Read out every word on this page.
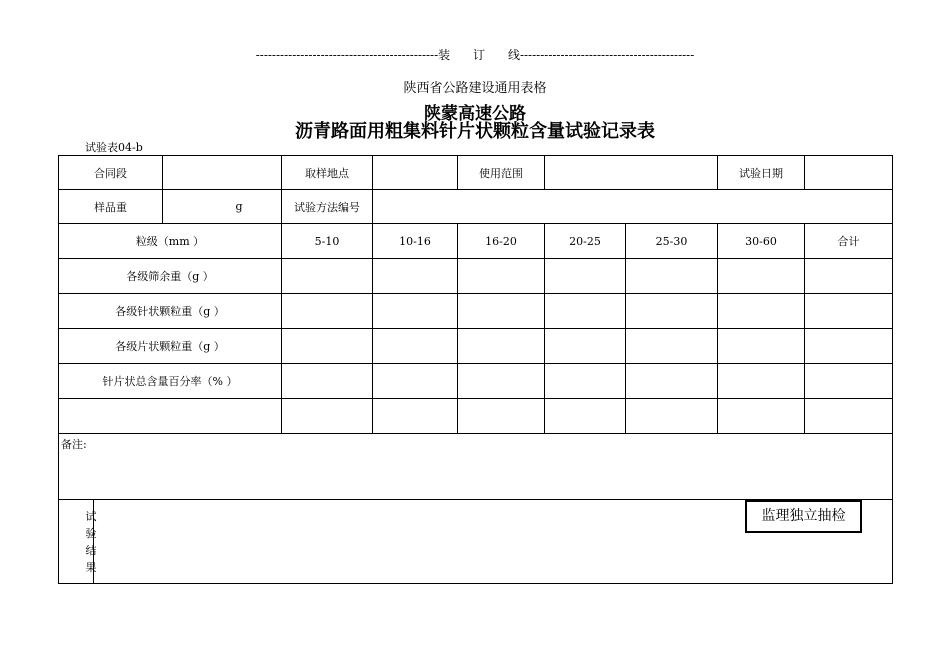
---------------------------------------------装      订      线-------------------------------------------
陕西省公路建设通用表格
陕蒙高速公路
沥青路面用粗集料针片状颗粒含量试验记录表
试验表04-b
合同段		取样地点		使用范围			试验日期	
样品重	g	试验方法编号						
粒级（mm ）		5-10	10-16	16-20	20-25	25-30	30-60	合计
各级筛余重（g ）								
各级针状颗粒重（g ）								
各级片状颗粒重（g ）								
针片状总含量百分率（% ）								

备注:
试验结果
监理独立抽检
